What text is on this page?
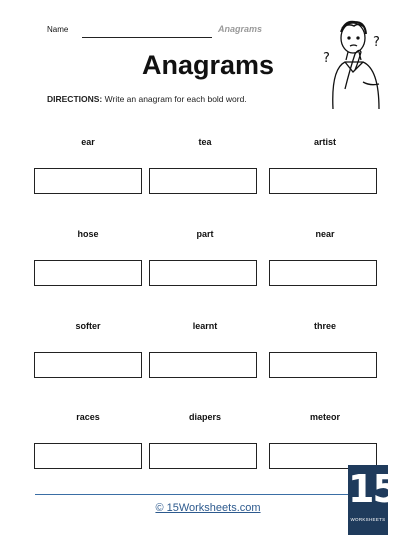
Name	Anagrams
?
?
Anagrams
DIRECTIONS: Write an anagram for each bold word.
ear	tea	artist
hose	part	near
softer	learnt	three
races	diapers	meteor
© 15Worksheets.com	15
WORKSHEETS
